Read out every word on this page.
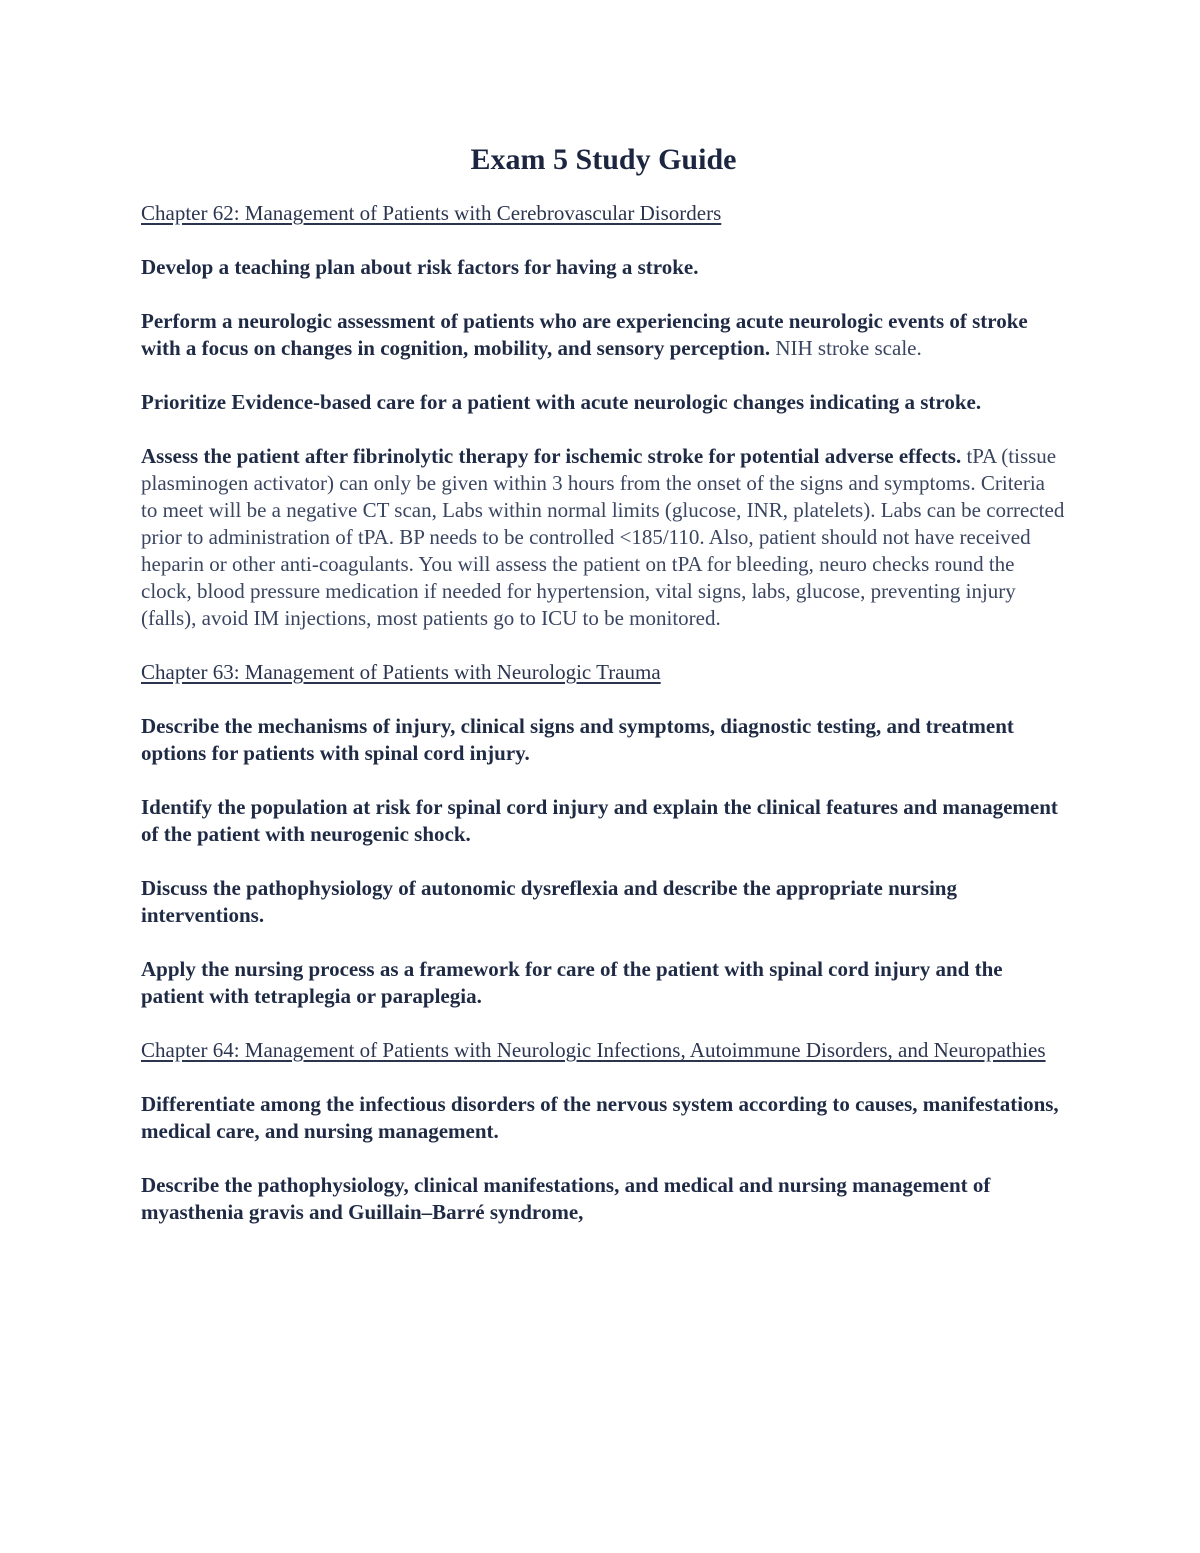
Exam 5 Study Guide

Chapter 62: Management of Patients with Cerebrovascular Disorders

Develop a teaching plan about risk factors for having a stroke.

Perform a neurologic assessment of patients who are experiencing acute neurologic events of stroke with a focus on changes in cognition, mobility, and sensory perception. NIH stroke scale.

Prioritize Evidence-based care for a patient with acute neurologic changes indicating a stroke.

Assess the patient after fibrinolytic therapy for ischemic stroke for potential adverse effects. tPA (tissue plasminogen activator) can only be given within 3 hours from the onset of the signs and symptoms. Criteria to meet will be a negative CT scan, Labs within normal limits (glucose, INR, platelets). Labs can be corrected prior to administration of tPA. BP needs to be controlled <185/110. Also, patient should not have received heparin or other anti-coagulants. You will assess the patient on tPA for bleeding, neuro checks round the clock, blood pressure medication if needed for hypertension, vital signs, labs, glucose, preventing injury (falls), avoid IM injections, most patients go to ICU to be monitored.

Chapter 63: Management of Patients with Neurologic Trauma

Describe the mechanisms of injury, clinical signs and symptoms, diagnostic testing, and treatment options for patients with spinal cord injury.

Identify the population at risk for spinal cord injury and explain the clinical features and management of the patient with neurogenic shock.

Discuss the pathophysiology of autonomic dysreflexia and describe the appropriate nursing interventions.

Apply the nursing process as a framework for care of the patient with spinal cord injury and the patient with tetraplegia or paraplegia.

Chapter 64: Management of Patients with Neurologic Infections, Autoimmune Disorders, and Neuropathies

Differentiate among the infectious disorders of the nervous system according to causes, manifestations, medical care, and nursing management.

Describe the pathophysiology, clinical manifestations, and medical and nursing management of myasthenia gravis and Guillain–Barré syndrome,
